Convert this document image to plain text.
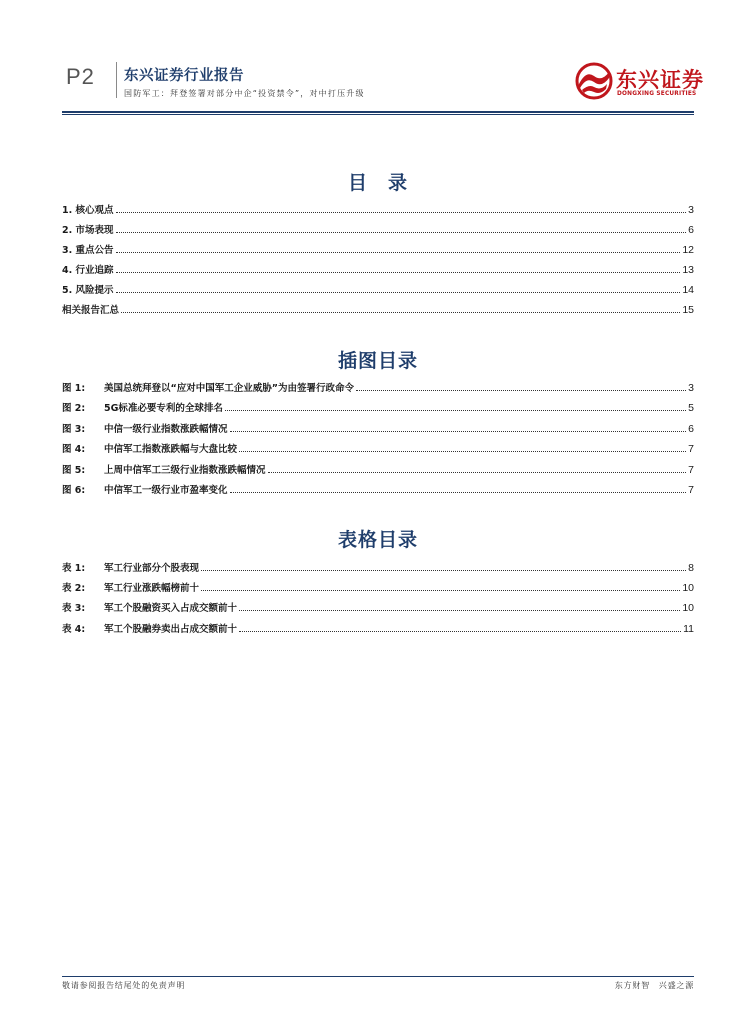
P2 东兴证券行业报告
国防军工：拜登签署对部分中企“投资禁令”，对中打压升级
东兴证券
DONGXING SECURITIES
目　录
1. 核心观点	3
2. 市场表现	6
3. 重点公告	12
4. 行业追踪	13
5. 风险提示	14
相关报告汇总	15
插图目录
图 1: 美国总统拜登以“应对中国军工企业威胁”为由签署行政命令	3
图 2: 5G标准必要专利的全球排名	5
图 3: 中信一级行业指数涨跌幅情况	6
图 4: 中信军工指数涨跌幅与大盘比较	7
图 5: 上周中信军工三级行业指数涨跌幅情况	7
图 6: 中信军工一级行业市盈率变化	7
表格目录
表 1: 军工行业部分个股表现	8
表 2: 军工行业涨跌幅榜前十	10
表 3: 军工个股融资买入占成交额前十	10
表 4: 军工个股融券卖出占成交额前十	11
敬请参阅报告结尾处的免责声明	东方财智　兴盛之源
